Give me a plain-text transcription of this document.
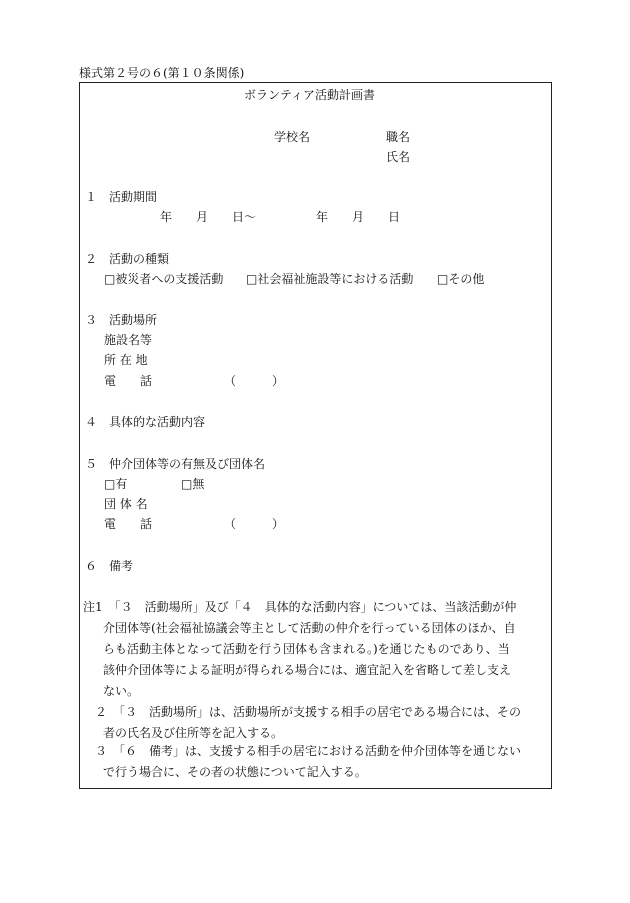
様式第２号の６(第１０条関係)
ボランティア活動計画書
学校名	職名
氏名
１　活動期間
年　　月　　日～　　　　　年　　月　　日
２　活動の種類
□被災者への支援活動 □社会福祉施設等における活動 □その他
３　活動場所
施設名等
所 在 地
電　　話	（　　　）
４　具体的な活動内容
５　仲介団体等の有無及び団体名
□有	□無
団 体 名
電　　話	（　　　）
６　備考
注1　「３　活動場所」及び「４　具体的な活動内容」については、当該活動が仲
介団体等(社会福祉協議会等主として活動の仲介を行っている団体のほか、自
らも活動主体となって活動を行う団体も含まれる。)を通じたものであり、当
該仲介団体等による証明が得られる場合には、適宜記入を省略して差し支え
ない。
２　「３　活動場所」は、活動場所が支援する相手の居宅である場合には、その
者の氏名及び住所等を記入する。
３　「６　備考」は、支援する相手の居宅における活動を仲介団体等を通じない
で行う場合に、その者の状態について記入する。
